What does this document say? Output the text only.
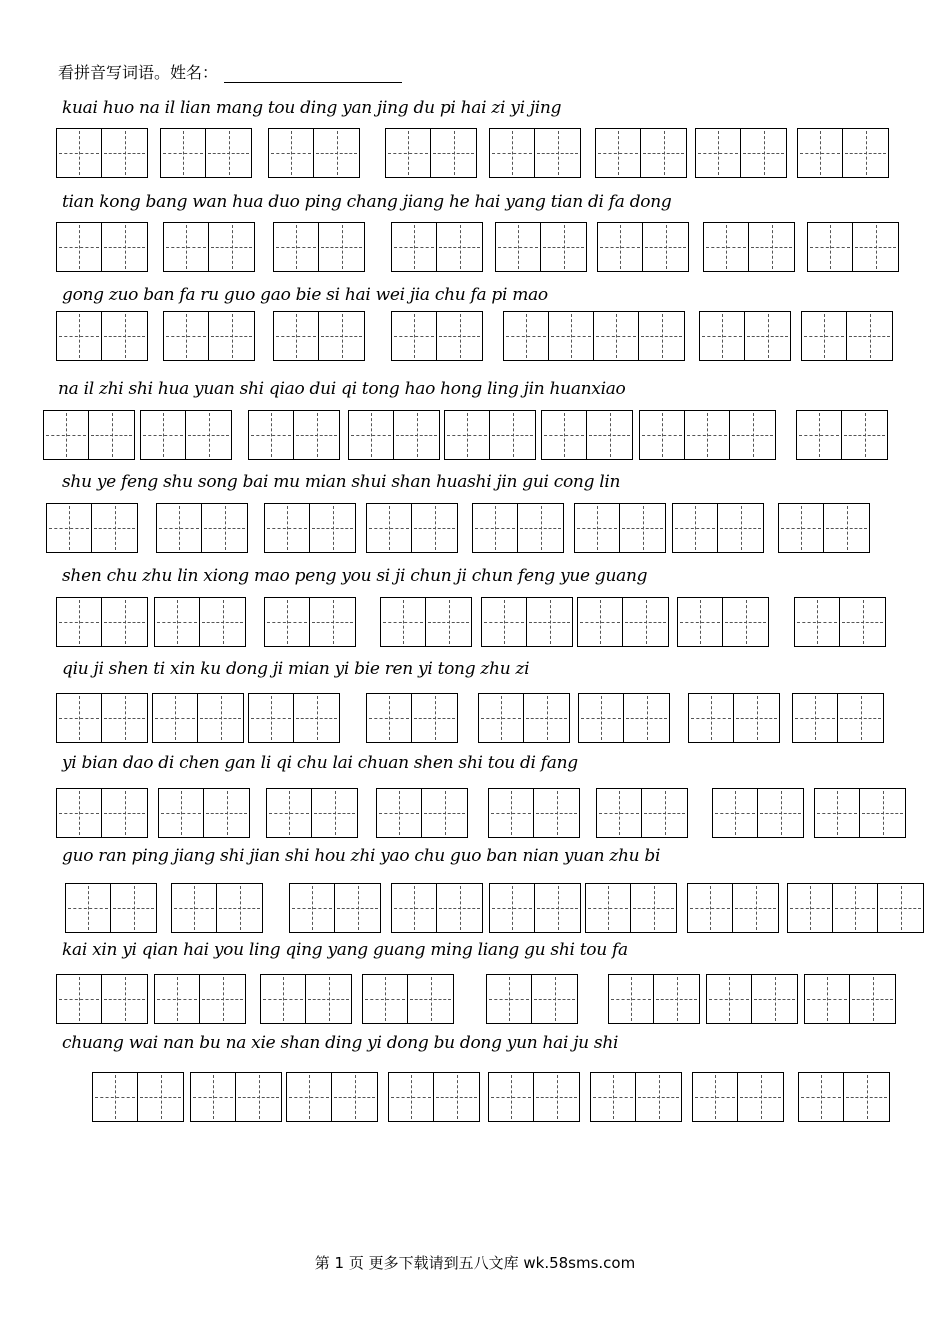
看拼音写词语。姓名：
kuai huo na il lian mang tou ding yan jing du pi hai zi yi jing
tian kong bang wan hua duo ping chang jiang he hai yang tian di fa dong
gong zuo ban fa ru guo gao bie si hai wei jia chu fa pi mao
na il zhi shi hua yuan shi qiao dui qi tong hao hong ling jin huanxiao
shu ye feng shu song bai mu mian shui shan huashi jin gui cong lin
shen chu zhu lin xiong mao peng you si ji chun ji chun feng yue guang
qiu ji shen ti xin ku dong ji mian yi bie ren yi tong zhu zi
yi bian dao di chen gan li qi chu lai chuan shen shi tou di fang
guo ran ping jiang shi jian shi hou zhi yao chu guo ban nian yuan zhu bi
kai xin yi qian hai you ling qing yang guang ming liang gu shi tou fa
chuang wai nan bu na xie shan ding yi dong bu dong yun hai ju shi
第 1 页 更多下载请到五八文库 wk.58sms.com
